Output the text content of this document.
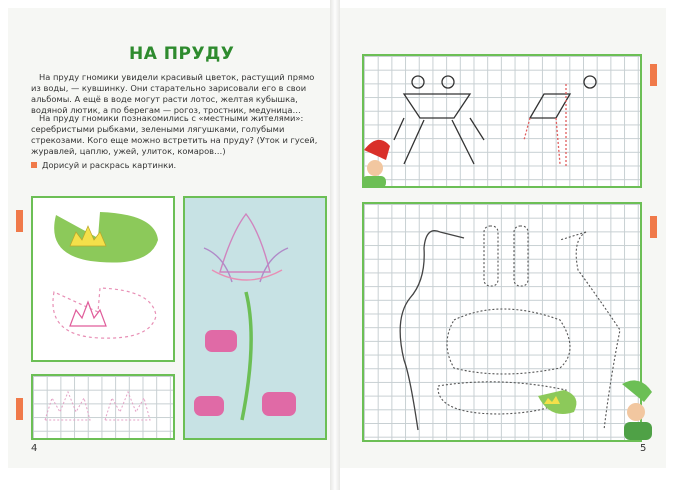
НА ПРУДУ
На пруду гномики увидели красивый цветок, растущий прямо из воды, — кувшинку. Они старательно зарисовали его в свои альбомы. А ещё в воде могут расти лотос, желтая кубышка, водяной лютик, а по берегам — рогоз, тростник, медуница…
На пруду гномики познакомились с «местными жителями»: серебристыми рыбками, зелеными лягушками, голубыми стрекозами. Кого еще можно встретить на пруду? (Уток и гусей, журавлей, цаплю, ужей, улиток, комаров…)
Дорисуй и раскрась картинки.
4	5
